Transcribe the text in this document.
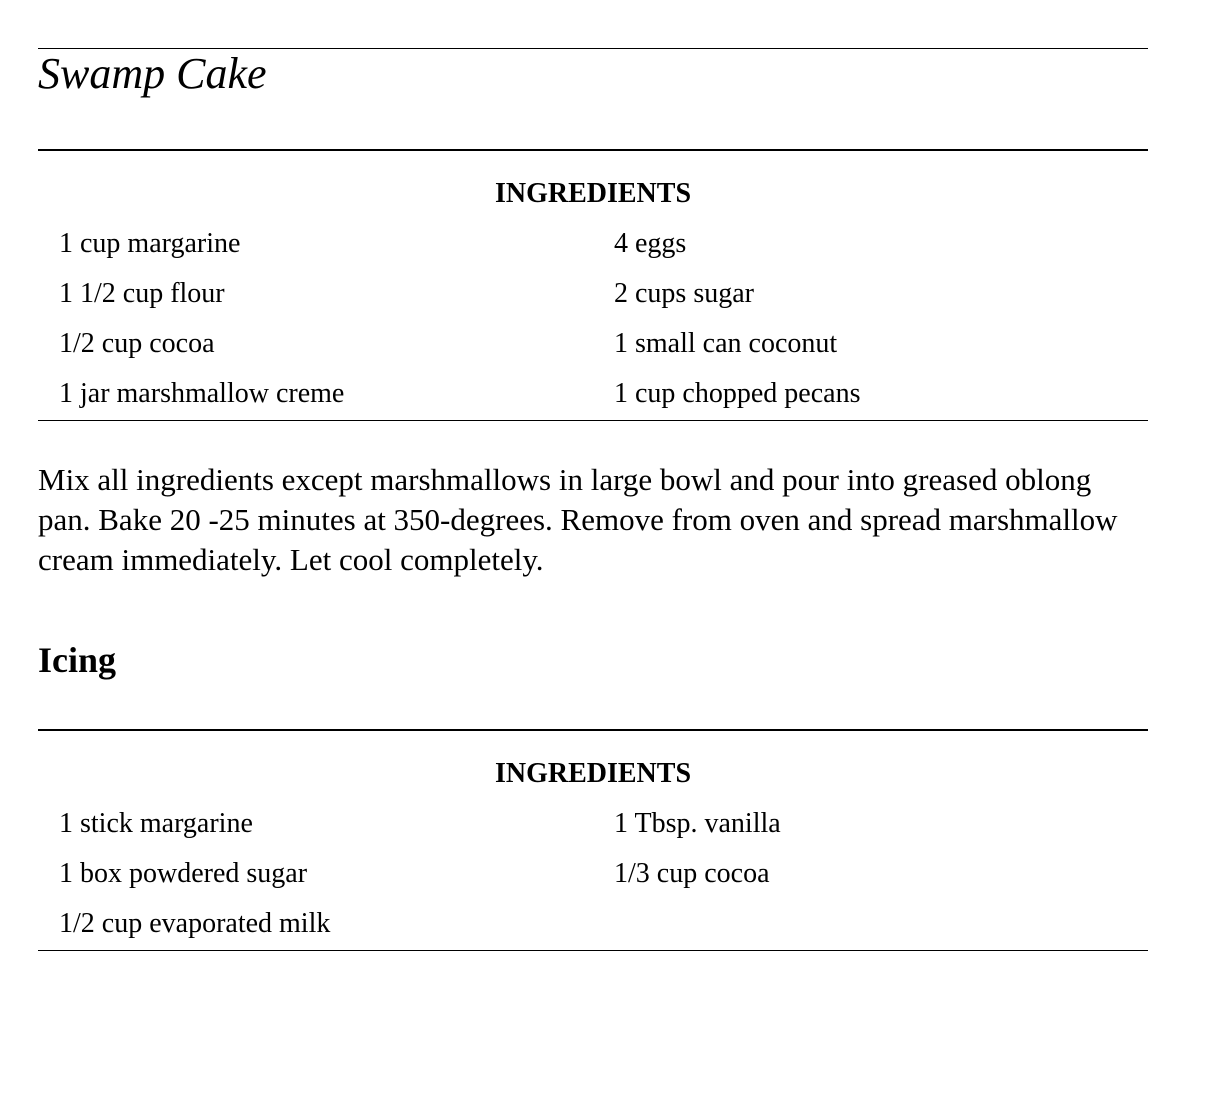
Swamp Cake
INGREDIENTS
1 cup margarine	4 eggs
1 1/2 cup flour	2 cups sugar
1/2 cup cocoa	1 small can coconut
1 jar marshmallow creme	1 cup chopped pecans

Mix all ingredients except marshmallows in large bowl and pour into greased oblong pan. Bake 20 -25 minutes at 350-degrees. Remove from oven and spread marshmallow cream immediately. Let cool completely.

Icing
INGREDIENTS
1 stick margarine	1 Tbsp. vanilla
1 box powdered sugar	1/3 cup cocoa
1/2 cup evaporated milk
